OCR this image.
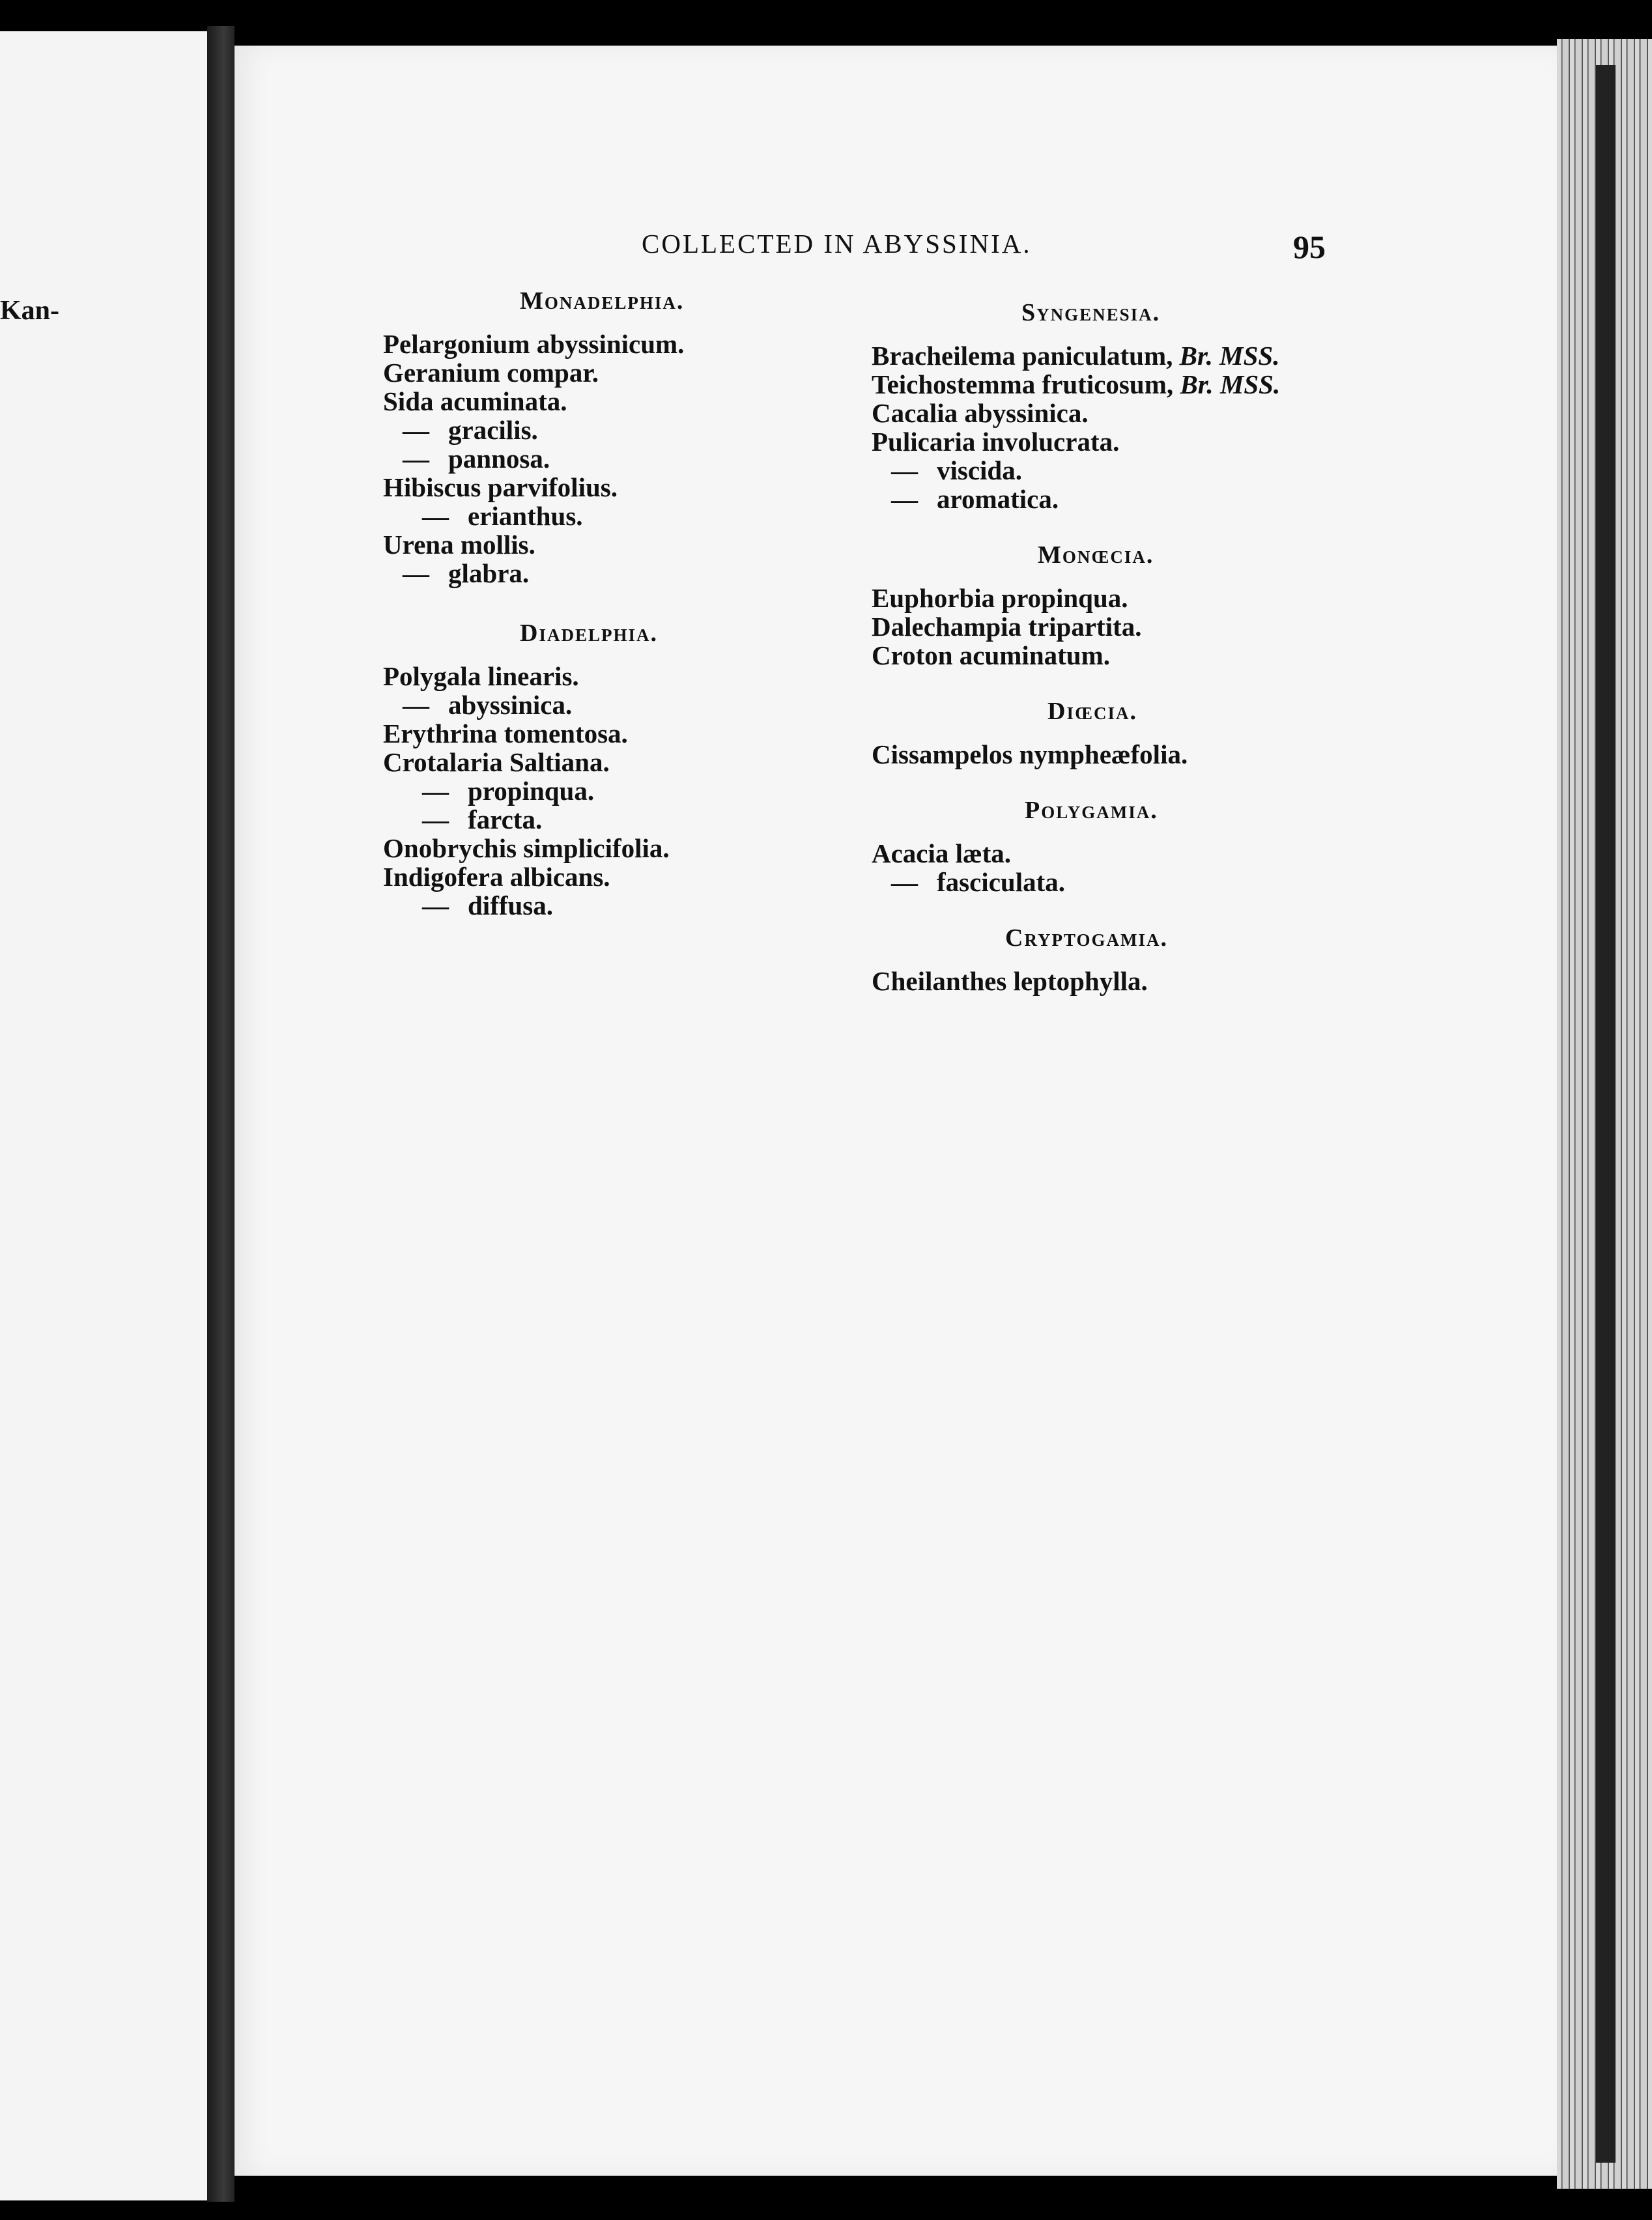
Kan-
COLLECTED IN ABYSSINIA.	95
Monadelphia.
Pelargonium abyssinicum.
Geranium compar.
Sida acuminata.
— gracilis.
— pannosa.
Hibiscus parvifolius.
— erianthus.
Urena mollis.
— glabra.
Diadelphia.
Polygala linearis.
— abyssinica.
Erythrina tomentosa.
Crotalaria Saltiana.
— propinqua.
— farcta.
Onobrychis simplicifolia.
Indigofera albicans.
— diffusa.
Syngenesia.
Bracheilema paniculatum, Br. MSS.
Teichostemma fruticosum, Br. MSS.
Cacalia abyssinica.
Pulicaria involucrata.
— viscida.
— aromatica.
Monœcia.
Euphorbia propinqua.
Dalechampia tripartita.
Croton acuminatum.
Diœcia.
Cissampelos nymphеæfolia.
Polygamia.
Acacia læta.
— fasciculata.
Cryptogamia.
Cheilanthes leptophylla.
